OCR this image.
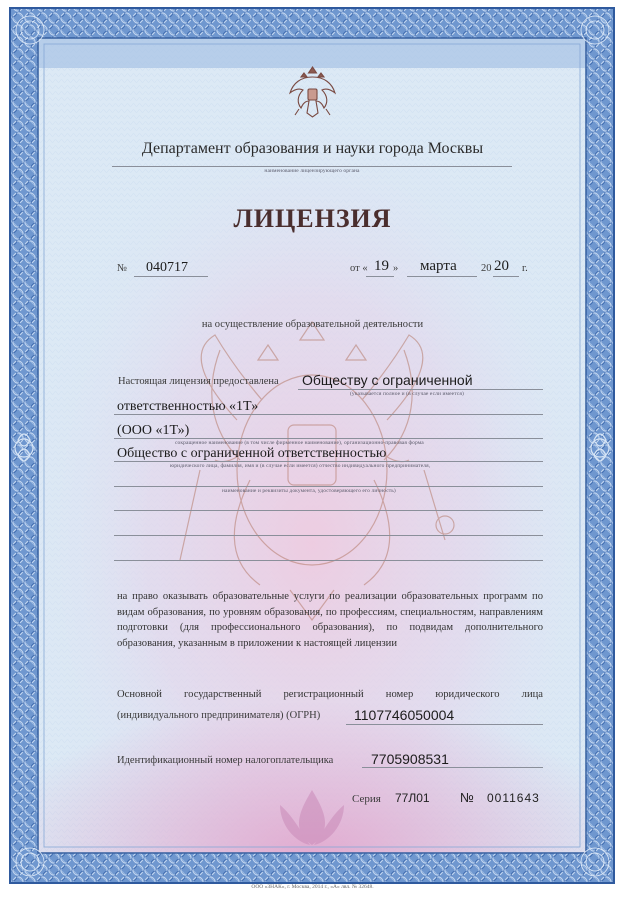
Департамент образования и науки города Москвы
наименование лицензирующего органа
ЛИЦЕНЗИЯ
№ 040717	от « 19 » марта 20 20 г.
на осуществление образовательной деятельности
Настоящая лицензия предоставлена Обществу с ограниченной
(указывается полное и (в случае если имеется)
ответственностью «1Т»
(ООО «1Т»)
сокращенное наименование (в том числе фирменное наименование), организационно-правовая форма
Общество с ограниченной ответственностью
юридического лица, фамилия, имя и (в случае если имеется) отчество индивидуального предпринимателя,
наименование и реквизиты документа, удостоверяющего его личность)
на право оказывать образовательные услуги по реализации образовательных программ по видам образования, по уровням образования, по профессиям, специальностям, направлениям подготовки (для профессионального образования), по подвидам дополнительного образования, указанным в приложении к настоящей лицензии
Основной государственный регистрационный номер юридического лица
(индивидуального предпринимателя) (ОГРН) 1107746050004
Идентификационный номер налогоплательщика	7705908531
Серия 77Л01 № 0011643
ООО «ЗНАК», г. Москва, 2014 г., «А» лвл. № 32648.
